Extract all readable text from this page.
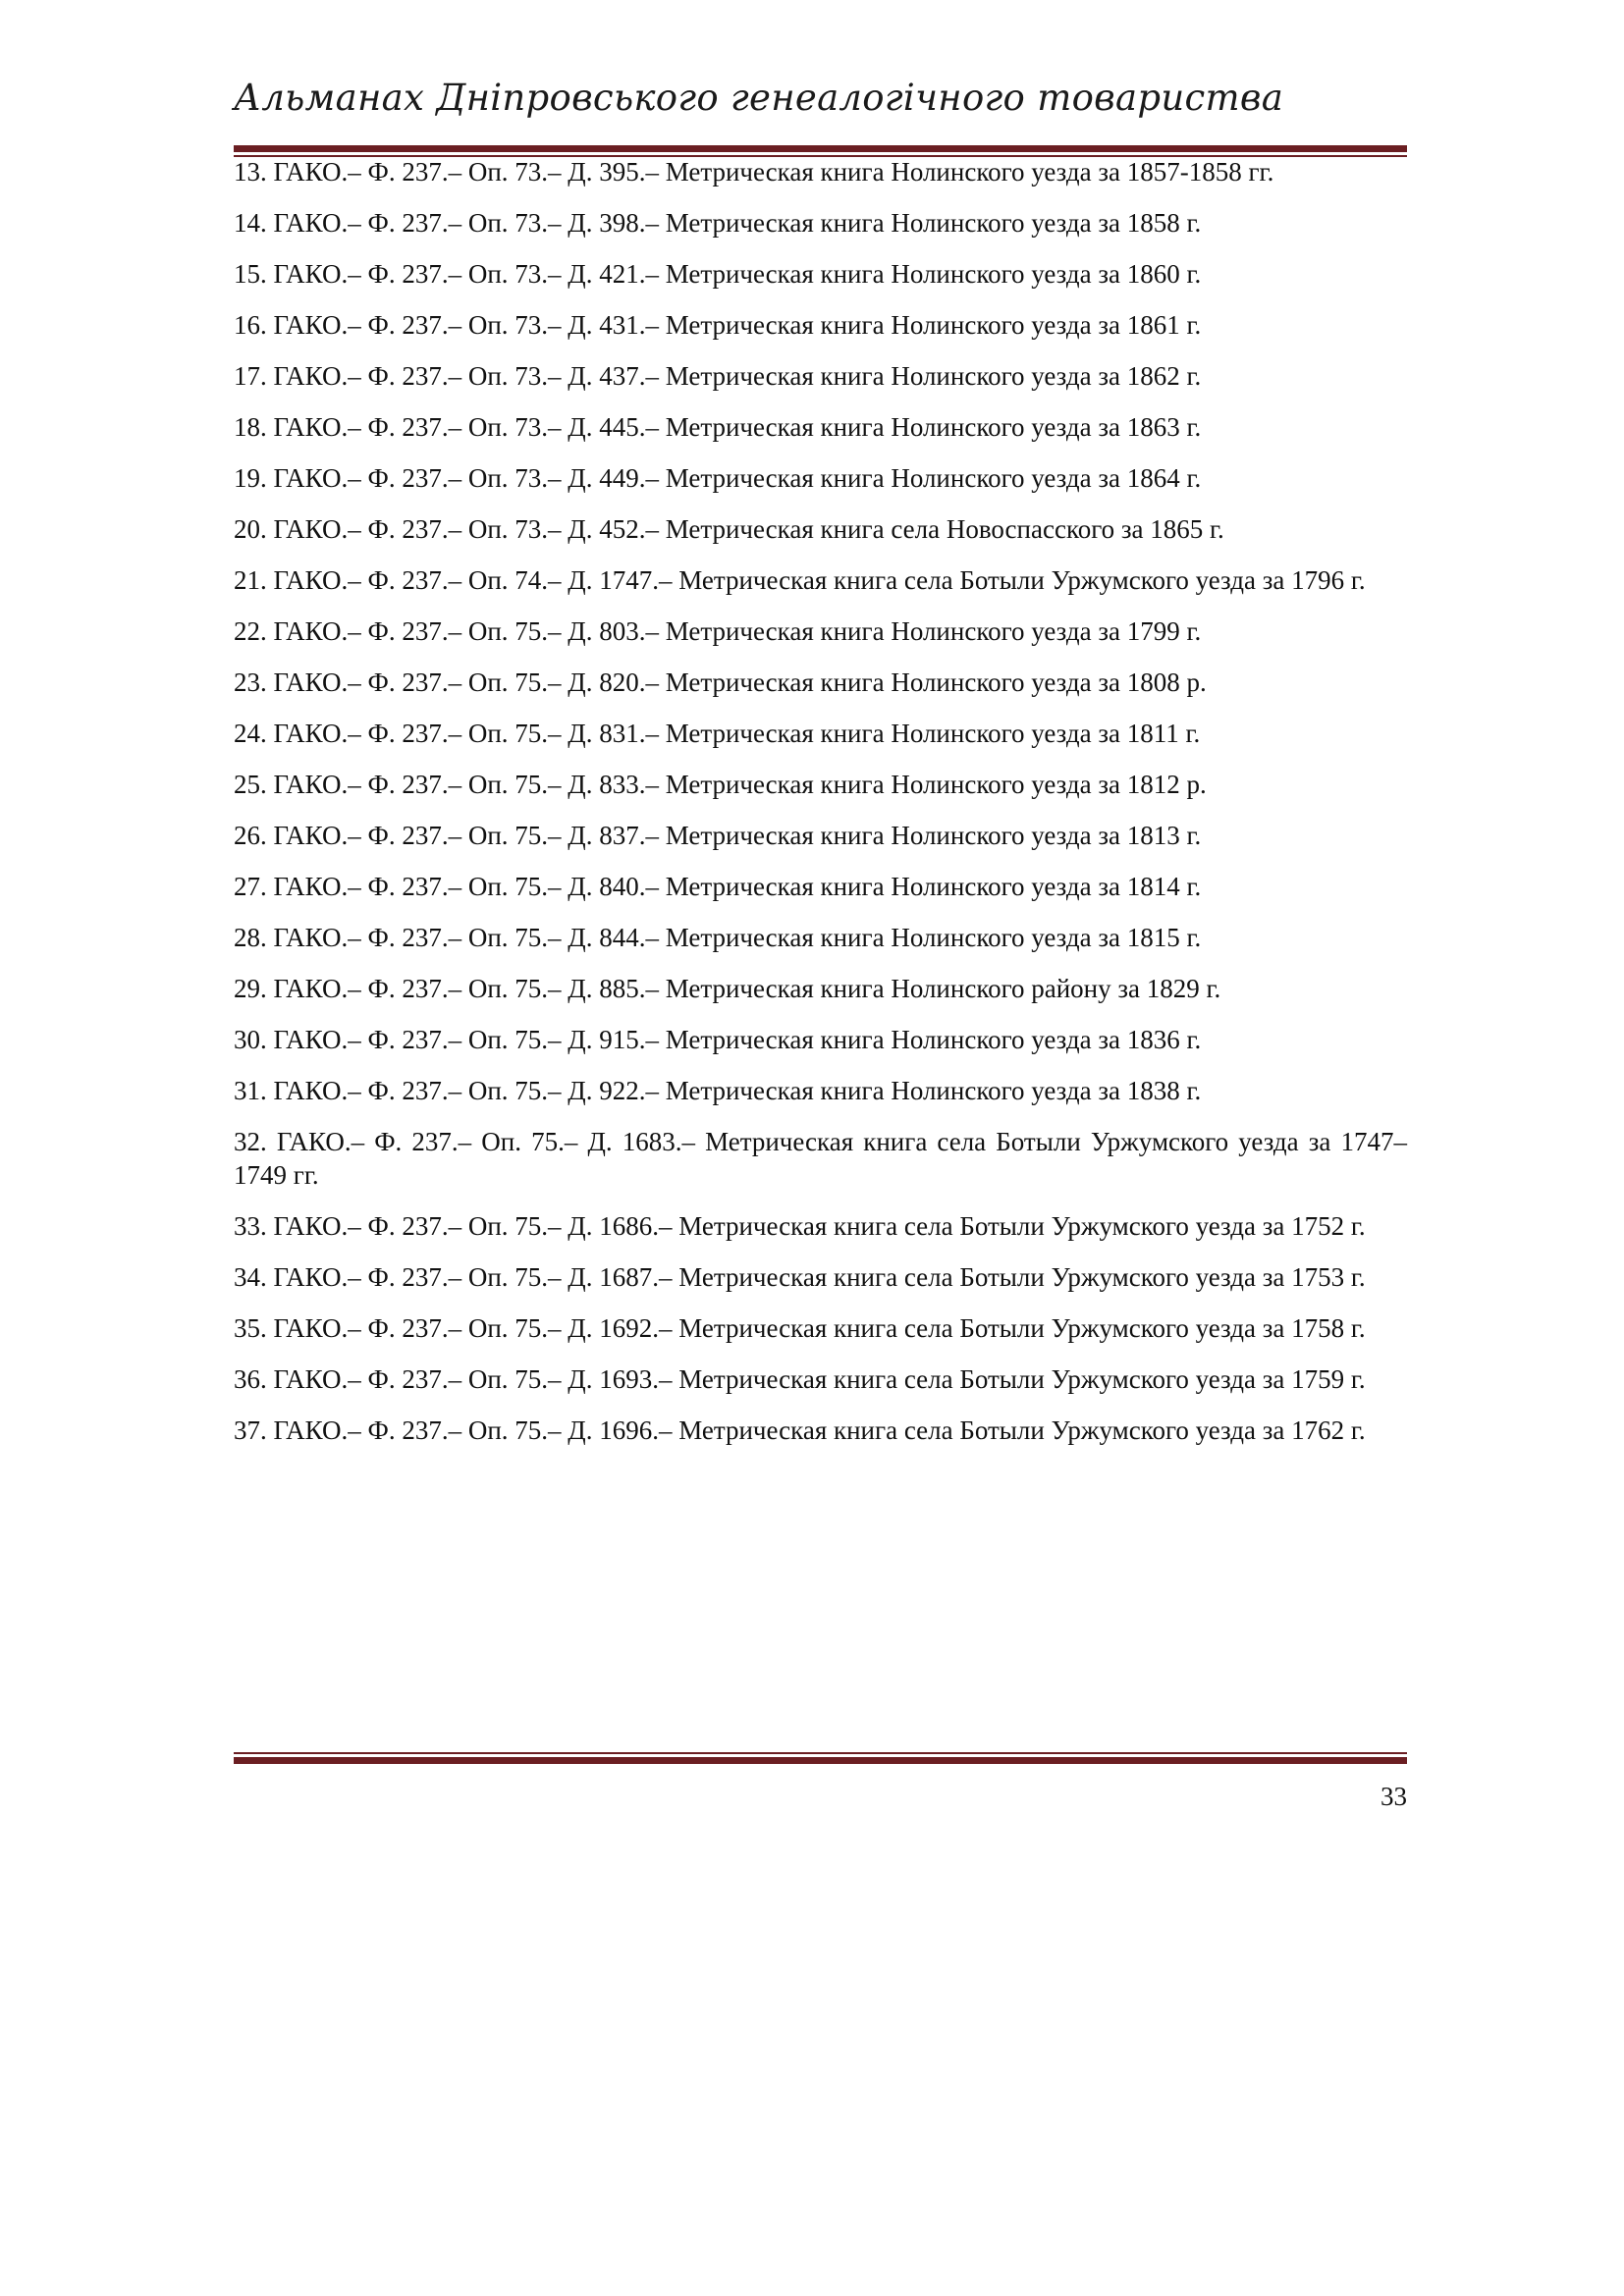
Альманах Дніпровського генеалогічного товариства
13. ГАКО.– Ф. 237.– Оп. 73.– Д. 395.– Метрическая книга Нолинского уезда за 1857-1858 гг.
14. ГАКО.– Ф. 237.– Оп. 73.– Д. 398.– Метрическая книга Нолинского уезда за 1858 г.
15. ГАКО.– Ф. 237.– Оп. 73.– Д. 421.– Метрическая книга Нолинского уезда за 1860 г.
16. ГАКО.– Ф. 237.– Оп. 73.– Д. 431.– Метрическая книга Нолинского уезда за 1861 г.
17. ГАКО.– Ф. 237.– Оп. 73.– Д. 437.– Метрическая книга Нолинского уезда за 1862 г.
18. ГАКО.– Ф. 237.– Оп. 73.– Д. 445.– Метрическая книга Нолинского уезда за 1863 г.
19. ГАКО.– Ф. 237.– Оп. 73.– Д. 449.– Метрическая книга Нолинского уезда за 1864 г.
20. ГАКО.– Ф. 237.– Оп. 73.– Д. 452.– Метрическая книга села Новоспасского за 1865 г.
21. ГАКО.– Ф. 237.– Оп. 74.– Д. 1747.– Метрическая книга села Ботыли Уржумского уезда за 1796 г.
22. ГАКО.– Ф. 237.– Оп. 75.– Д. 803.– Метрическая книга Нолинского уезда за 1799 г.
23. ГАКО.– Ф. 237.– Оп. 75.– Д. 820.– Метрическая книга Нолинского уезда за 1808 р.
24. ГАКО.– Ф. 237.– Оп. 75.– Д. 831.– Метрическая книга Нолинского уезда за 1811 г.
25. ГАКО.– Ф. 237.– Оп. 75.– Д. 833.– Метрическая книга Нолинского уезда за 1812 р.
26. ГАКО.– Ф. 237.– Оп. 75.– Д. 837.– Метрическая книга Нолинского уезда за 1813 г.
27. ГАКО.– Ф. 237.– Оп. 75.– Д. 840.– Метрическая книга Нолинского уезда за 1814 г.
28. ГАКО.– Ф. 237.– Оп. 75.– Д. 844.– Метрическая книга Нолинского уезда за 1815 г.
29. ГАКО.– Ф. 237.– Оп. 75.– Д. 885.– Метрическая книга Нолинского району за 1829 г.
30. ГАКО.– Ф. 237.– Оп. 75.– Д. 915.– Метрическая книга Нолинского уезда за 1836 г.
31. ГАКО.– Ф. 237.– Оп. 75.– Д. 922.– Метрическая книга Нолинского уезда за 1838 г.
32. ГАКО.– Ф. 237.– Оп. 75.– Д. 1683.– Метрическая книга села Ботыли Уржумского уезда за 1747–1749 гг.
33. ГАКО.– Ф. 237.– Оп. 75.– Д. 1686.– Метрическая книга села Ботыли Уржумского уезда за 1752 г.
34. ГАКО.– Ф. 237.– Оп. 75.– Д. 1687.– Метрическая книга села Ботыли Уржумского уезда за 1753 г.
35. ГАКО.– Ф. 237.– Оп. 75.– Д. 1692.– Метрическая книга села Ботыли Уржумского уезда за 1758 г.
36. ГАКО.– Ф. 237.– Оп. 75.– Д. 1693.– Метрическая книга села Ботыли Уржумского уезда за 1759 г.
37. ГАКО.– Ф. 237.– Оп. 75.– Д. 1696.– Метрическая книга села Ботыли Уржумского уезда за 1762 г.
33
